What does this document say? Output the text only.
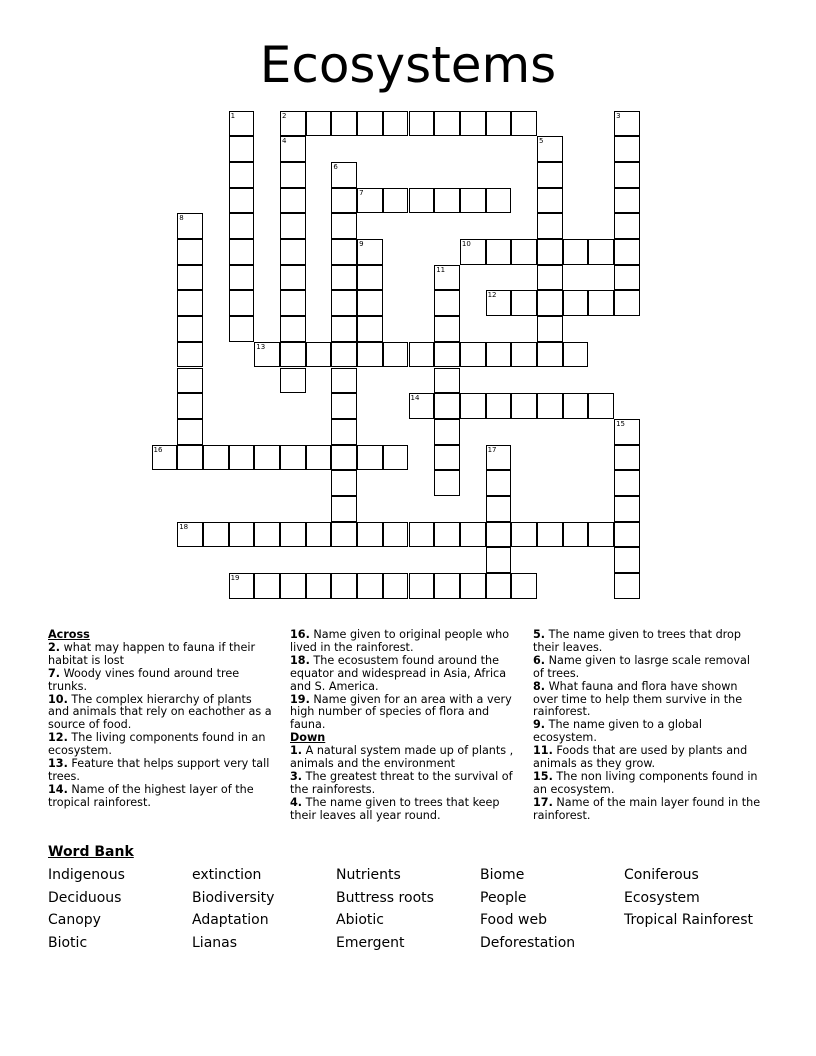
Ecosystems
1	2	3
4	5
6
7
8
9	10
11
12
13
14
15
16	17
18
19
Across
2. what may happen to fauna if their habitat is lost
7. Woody vines found around tree trunks.
10. The complex hierarchy of plants and animals that rely on eachother as a source of food.
12. The living components found in an ecosystem.
13. Feature that helps support very tall trees.
14. Name of the highest layer of the tropical rainforest.
16. Name given to original people who lived in the rainforest.
18. The ecosustem found around the equator and widespread in Asia, Africa and S. America.
19. Name given for an area with a very high number of species of flora and fauna.
Down
1. A natural system made up of plants , animals and the environment
3. The greatest threat to the survival of the rainforests.
4. The name given to trees that keep their leaves all year round.
5. The name given to trees that drop their leaves.
6. Name given to lasrge scale removal of trees.
8. What fauna and flora have shown over time to help them survive in the rainforest.
9. The name given to a global ecosystem.
11. Foods that are used by plants and animals as they grow.
15. The non living components found in an ecosystem.
17. Name of the main layer found in the rainforest.
Word Bank
Indigenous	extinction	Nutrients	Biome	Coniferous
Deciduous	Biodiversity	Buttress roots	People	Ecosystem
Canopy	Adaptation	Abiotic	Food web	Tropical Rainforest
Biotic	Lianas	Emergent	Deforestation
